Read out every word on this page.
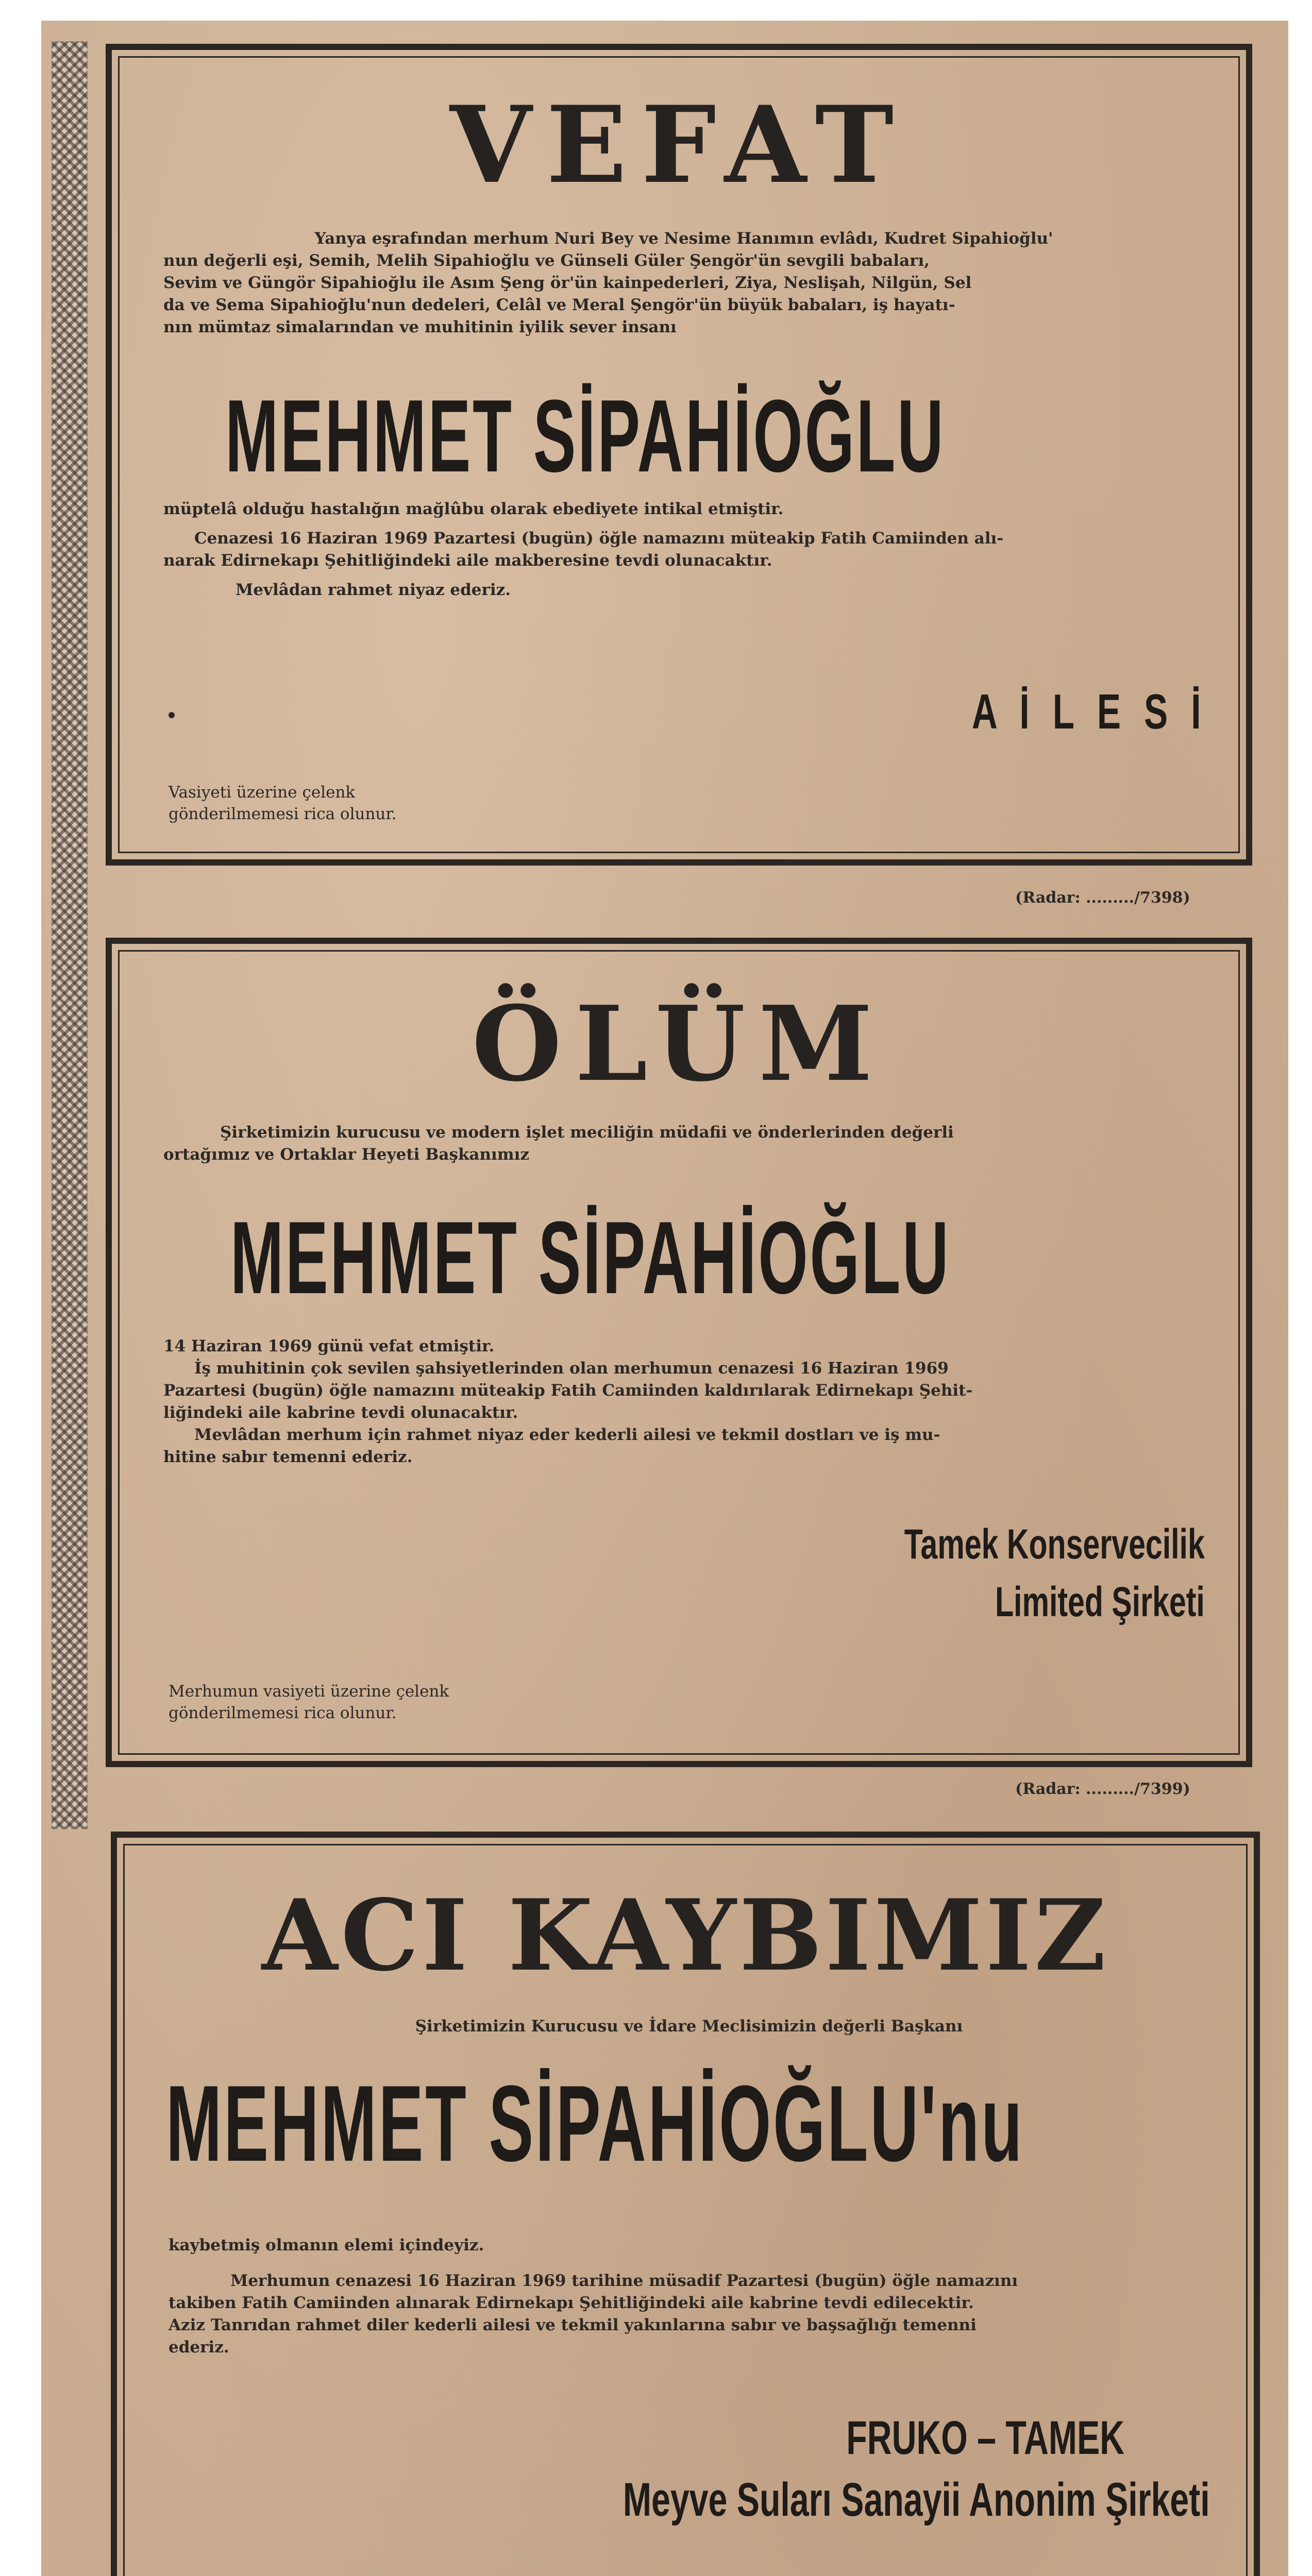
VEFAT
Yanya eşrafından merhum Nuri Bey ve Nesime Hanımın evlâdı, Kudret Sipahioğlu'
nun değerli eşi, Semih, Melih Sipahioğlu ve Günseli Güler Şengör'ün sevgili babaları,
Sevim ve Güngör Sipahioğlu ile Asım Şeng ör'ün kainpederleri, Ziya, Neslişah, Nilgün, Sel
da ve Sema Sipahioğlu'nun dedeleri, Celâl ve Meral Şengör'ün büyük babaları, iş hayatı-
nın mümtaz simalarından ve muhitinin iyilik sever insanı
MEHMET SİPAHİOĞLU
müptelâ olduğu hastalığın mağlûbu olarak ebediyete intikal etmiştir.
Cenazesi 16 Haziran 1969 Pazartesi (bugün) öğle namazını müteakip Fatih Camiinden alı-
narak Edirnekapı Şehitliğindeki aile makberesine tevdi olunacaktır.
Mevlâdan rahmet niyaz ederiz.
A İ L E S İ
Vasiyeti üzerine çelenk
gönderilmemesi rica olunur.
(Radar: ........./7398)
ÖLÜM
Şirketimizin kurucusu ve modern işlet meciliğin müdafii ve önderlerinden değerli
ortağımız ve Ortaklar Heyeti Başkanımız
MEHMET SİPAHİOĞLU
14 Haziran 1969 günü vefat etmiştir.
İş muhitinin çok sevilen şahsiyetlerinden olan merhumun cenazesi 16 Haziran 1969
Pazartesi (bugün) öğle namazını müteakip Fatih Camiinden kaldırılarak Edirnekapı Şehit-
liğindeki aile kabrine tevdi olunacaktır.
Mevlâdan merhum için rahmet niyaz eder kederli ailesi ve tekmil dostları ve iş mu-
hitine sabır temenni ederiz.
Tamek Konservecilik
Limited Şirketi
Merhumun vasiyeti üzerine çelenk
gönderilmemesi rica olunur.
(Radar: ........./7399)
ACI KAYBIMIZ
Şirketimizin Kurucusu ve İdare Meclisimizin değerli Başkanı
MEHMET SİPAHİOĞLU'nu
kaybetmiş olmanın elemi içindeyiz.
Merhumun cenazesi 16 Haziran 1969 tarihine müsadif Pazartesi (bugün) öğle namazını
takiben Fatih Camiinden alınarak Edirnekapı Şehitliğindeki aile kabrine tevdi edilecektir.
Aziz Tanrıdan rahmet diler kederli ailesi ve tekmil yakınlarına sabır ve başsağlığı temenni
ederiz.
FRUKO – TAMEK
Meyve Suları Sanayii Anonim Şirketi
